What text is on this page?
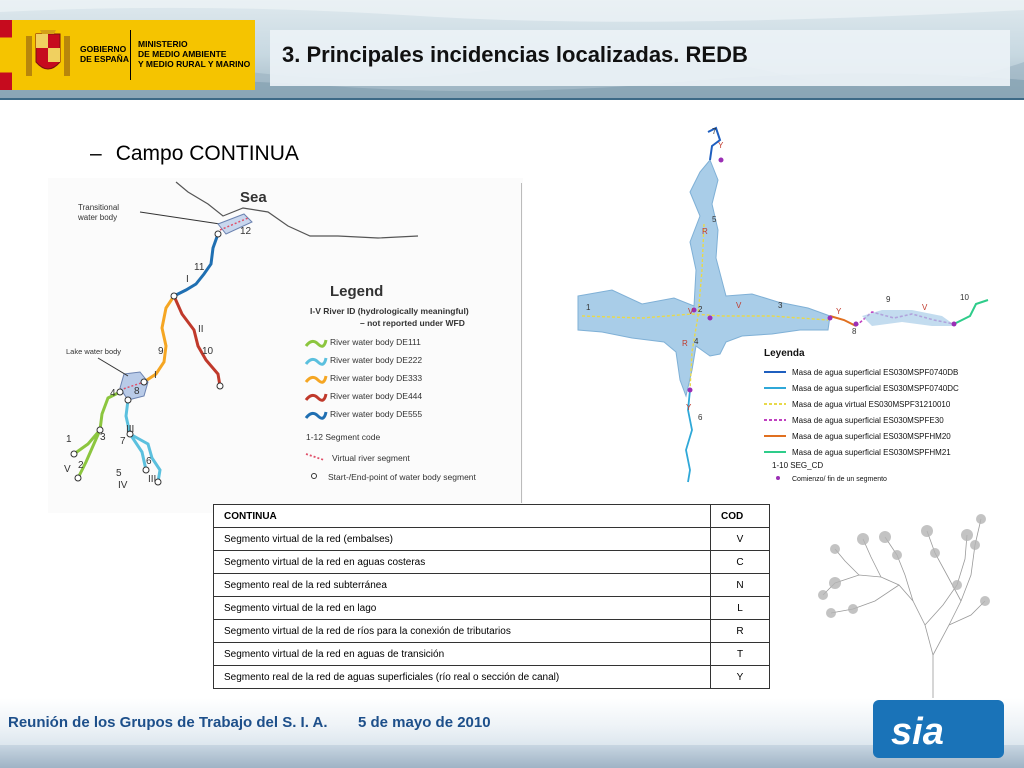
GOBIERNO
DE ESPAÑA
MINISTERIO
DE MEDIO AMBIENTE
Y MEDIO RURAL Y MARINO 3. Principales incidencias localizadas. REDB
– Campo CONTINUA
Sea
Transitional water body
Lake water body
12
11
I
II
10
9
I
8
4
3
III
7
1
2
V	5
IV
6
III
Legend
I-V River ID (hydrologically meaningful)
– not reported under WFD
River water body DE111
River water body DE222
River water body DE333
River water body DE444
River water body DE555
1-12 Segment code
Virtual river segment
Start-/End-point of water body segment
7
Y
5
R
1	V 2	V	3
Y
8
9
V
10
R 4
Y
6
Leyenda
Masa de agua superficial ES030MSPF0740DB
Masa de agua superficial ES030MSPF0740DC
Masa de agua virtual ES030MSPF31210010
Masa de agua superficial ES030MSPFE30
Masa de agua superficial ES030MSPFHM20
Masa de agua superficial ES030MSPFHM21
1-10 SEG_CD
Comienzo/ fin de un segmento
CONTINUA	COD
Segmento virtual de la red (embalses)	V
Segmento virtual de la red en aguas costeras	C
Segmento real de la red subterránea	N
Segmento virtual de la red en lago	L
Segmento virtual de la red de ríos para la conexión de tributarios	R
Segmento virtual de la red en aguas de transición	T
Segmento real de la red de aguas superficiales (río real o sección de canal)	Y
Reunión de los Grupos de Trabajo del S. I. A. 5 de mayo de 2010	sia
